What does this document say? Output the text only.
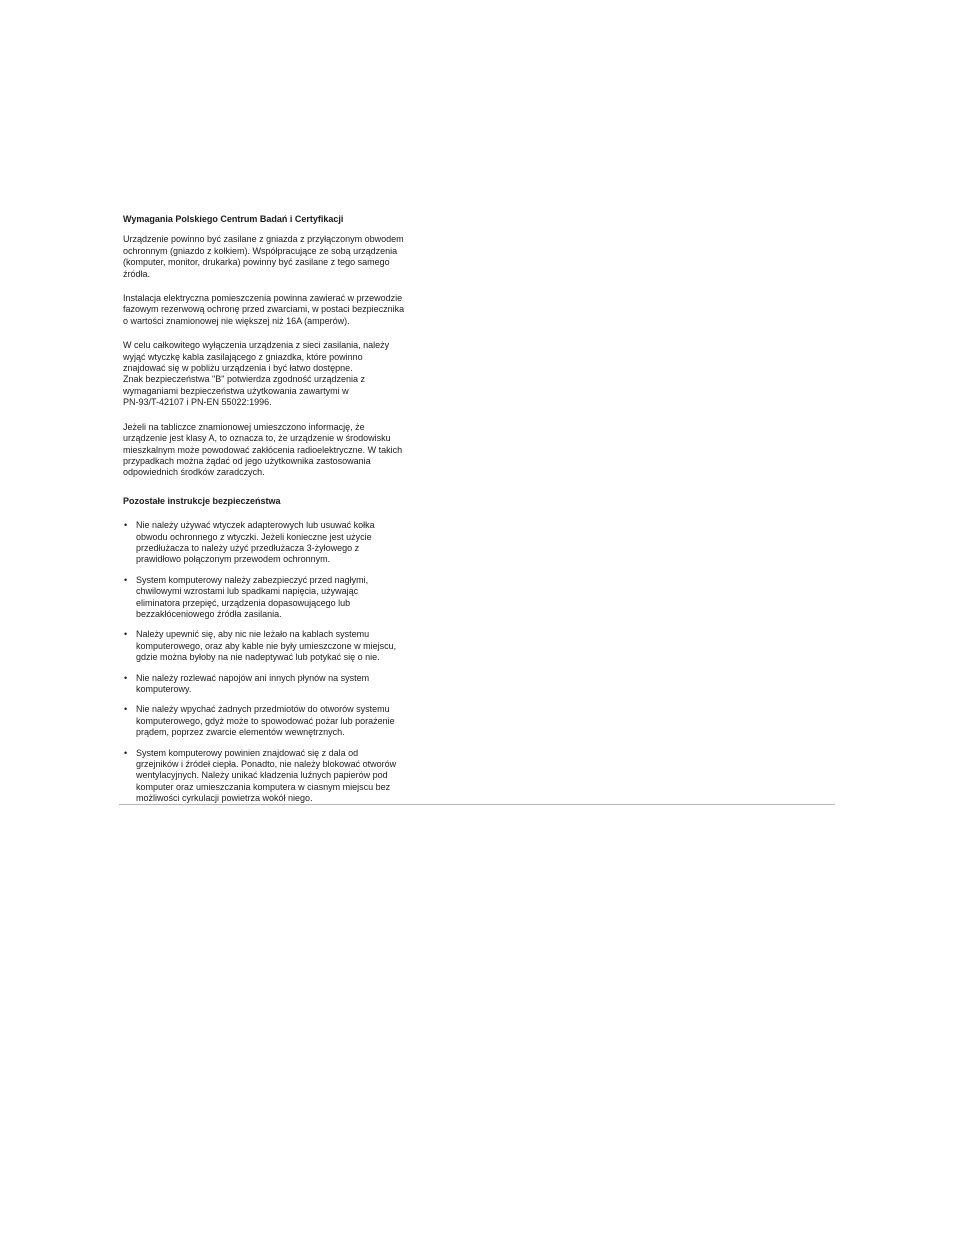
Wymagania Polskiego Centrum Badań i Certyfikacji
Urządzenie powinno być zasilane z gniazda z przyłączonym obwodem
ochronnym (gniazdo z kołkiem). Współpracujące ze sobą urządzenia
(komputer, monitor, drukarka) powinny być zasilane z tego samego
źródła.
Instalacja elektryczna pomieszczenia powinna zawierać w przewodzie
fazowym rezerwową ochronę przed zwarciami, w postaci bezpiecznika
o wartości znamionowej nie większej niż 16A (amperów).
W celu całkowitego wyłączenia urządzenia z sieci zasilania, należy
wyjąć wtyczkę kabla zasilającego z gniazdka, które powinno
znajdować się w pobliżu urządzenia i być łatwo dostępne.
Znak bezpieczeństwa "B" potwierdza zgodność urządzenia z
wymaganiami bezpieczeństwa użytkowania zawartymi w
PN-93/T-42107 i PN-EN 55022:1996.
Jeżeli na tabliczce znamionowej umieszczono informację, że
urządzenie jest klasy A, to oznacza to, że urządzenie w środowisku
mieszkalnym może powodować zakłócenia radioelektryczne. W takich
przypadkach można żądać od jego użytkownika zastosowania
odpowiednich środków zaradczych.
Pozostałe instrukcje bezpieczeństwa
• Nie należy używać wtyczek adapterowych lub usuwać kołka
obwodu ochronnego z wtyczki. Jeżeli konieczne jest użycie
przedłużacza to należy użyć przedłużacza 3-żyłowego z
prawidłowo połączonym przewodem ochronnym.
• System komputerowy należy zabezpieczyć przed nagłymi,
chwilowymi wzrostami lub spadkami napięcia, używając
eliminatora przepięć, urządzenia dopasowującego lub
bezzakłóceniowego źródła zasilania.
• Należy upewnić się, aby nic nie leżało na kablach systemu
komputerowego, oraz aby kable nie były umieszczone w miejscu,
gdzie można byłoby na nie nadeptywać lub potykać się o nie.
• Nie należy rozlewać napojów ani innych płynów na system
komputerowy.
• Nie należy wpychać żadnych przedmiotów do otworów systemu
komputerowego, gdyż może to spowodować pożar lub porażenie
prądem, poprzez zwarcie elementów wewnętrznych.
• System komputerowy powinien znajdować się z dala od
grzejników i źródeł ciepła. Ponadto, nie należy blokować otworów
wentylacyjnych. Należy unikać kładzenia luźnych papierów pod
komputer oraz umieszczania komputera w ciasnym miejscu bez
możliwości cyrkulacji powietrza wokół niego.
